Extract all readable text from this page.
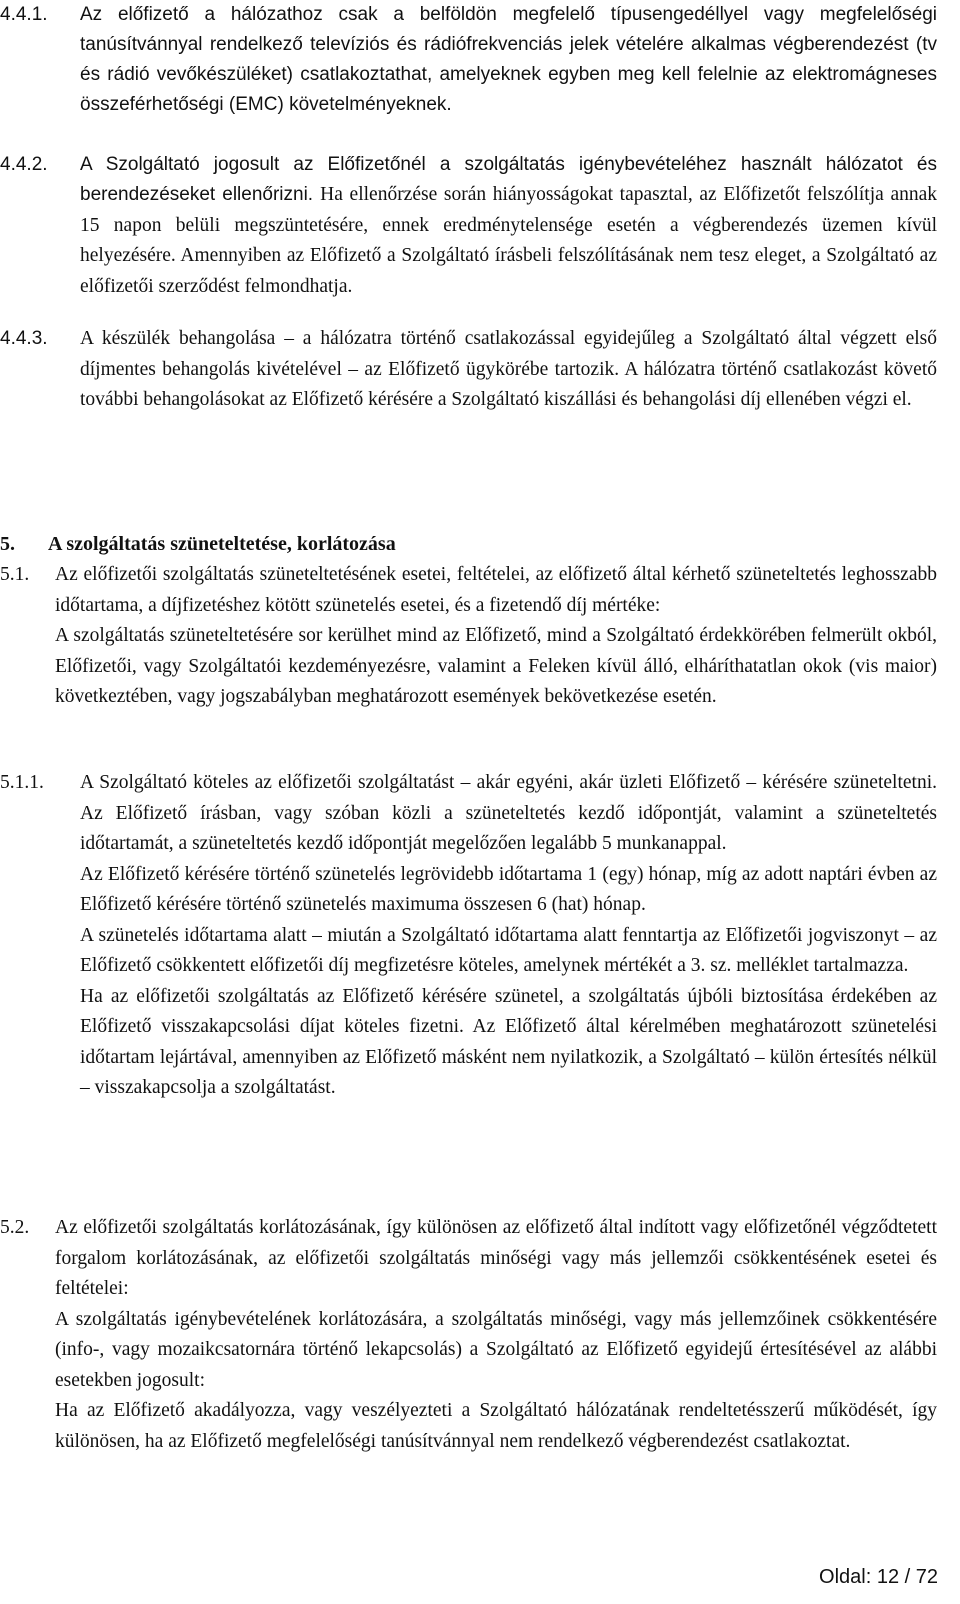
4.4.1. Az előfizető a hálózathoz csak a belföldön megfelelő típusengedéllyel vagy megfelelőségi tanúsítvánnyal rendelkező televíziós és rádiófrekvenciás jelek vételére alkalmas végberendezést (tv és rádió vevőkészüléket) csatlakoztathat, amelyeknek egyben meg kell felelnie az elektromágneses összeférhetőségi (EMC) követelményeknek.
4.4.2. A Szolgáltató jogosult az Előfizetőnél a szolgáltatás igénybevételéhez használt hálózatot és berendezéseket ellenőrizni. Ha ellenőrzése során hiányosságokat tapasztal, az Előfizetőt felszólítja annak 15 napon belüli megszüntetésére, ennek eredménytelensége esetén a végberendezés üzemen kívül helyezésére. Amennyiben az Előfizető a Szolgáltató írásbeli felszólításának nem tesz eleget, a Szolgáltató az előfizetői szerződést felmondhatja.
4.4.3. A készülék behangolása – a hálózatra történő csatlakozással egyidejűleg a Szolgáltató által végzett első díjmentes behangolás kivételével – az Előfizető ügykörébe tartozik. A hálózatra történő csatlakozást követő további behangolásokat az Előfizető kérésére a Szolgáltató kiszállási és behangolási díj ellenében végzi el.
5. A szolgáltatás szüneteltetése, korlátozása
5.1. Az előfizetői szolgáltatás szüneteltetésének esetei, feltételei, az előfizető által kérhető szüneteltetés leghosszabb időtartama, a díjfizetéshez kötött szünetelés esetei, és a fizetendő díj mértéke:
A szolgáltatás szüneteltetésére sor kerülhet mind az Előfizető, mind a Szolgáltató érdekkörében felmerült okból, Előfizetői, vagy Szolgáltatói kezdeményezésre, valamint a Feleken kívül álló, elháríthatatlan okok (vis maior) következtében, vagy jogszabályban meghatározott események bekövetkezése esetén.
5.1.1. A Szolgáltató köteles az előfizetői szolgáltatást – akár egyéni, akár üzleti Előfizető – kérésére szüneteltetni. Az Előfizető írásban, vagy szóban közli a szüneteltetés kezdő időpontját, valamint a szüneteltetés időtartamát, a szüneteltetés kezdő időpontját megelőzően legalább 5 munkanappal.
Az Előfizető kérésére történő szünetelés legrövidebb időtartama 1 (egy) hónap, míg az adott naptári évben az Előfizető kérésére történő szünetelés maximuma összesen 6 (hat) hónap.
A szünetelés időtartama alatt – miután a Szolgáltató időtartama alatt fenntartja az Előfizetői jogviszonyt – az Előfizető csökkentett előfizetői díj megfizetésre köteles, amelynek mértékét a 3. sz. melléklet tartalmazza.
Ha az előfizetői szolgáltatás az Előfizető kérésére szünetel, a szolgáltatás újbóli biztosítása érdekében az Előfizető visszakapcsolási díjat köteles fizetni. Az Előfizető által kérelmében meghatározott szünetelési időtartam lejártával, amennyiben az Előfizető másként nem nyilatkozik, a Szolgáltató – külön értesítés nélkül – visszakapcsolja a szolgáltatást.
5.2. Az előfizetői szolgáltatás korlátozásának, így különösen az előfizető által indított vagy előfizetőnél végződtetett forgalom korlátozásának, az előfizetői szolgáltatás minőségi vagy más jellemzői csökkentésének esetei és feltételei:
A szolgáltatás igénybevételének korlátozására, a szolgáltatás minőségi, vagy más jellemzőinek csökkentésére (info-, vagy mozaikcsatornára történő lekapcsolás) a Szolgáltató az Előfizető egyidejű értesítésével az alábbi esetekben jogosult:
Ha az Előfizető akadályozza, vagy veszélyezteti a Szolgáltató hálózatának rendeltetésszerű működését, így különösen, ha az Előfizető megfelelőségi tanúsítvánnyal nem rendelkező végberendezést csatlakoztat.
Oldal: 12 / 72
